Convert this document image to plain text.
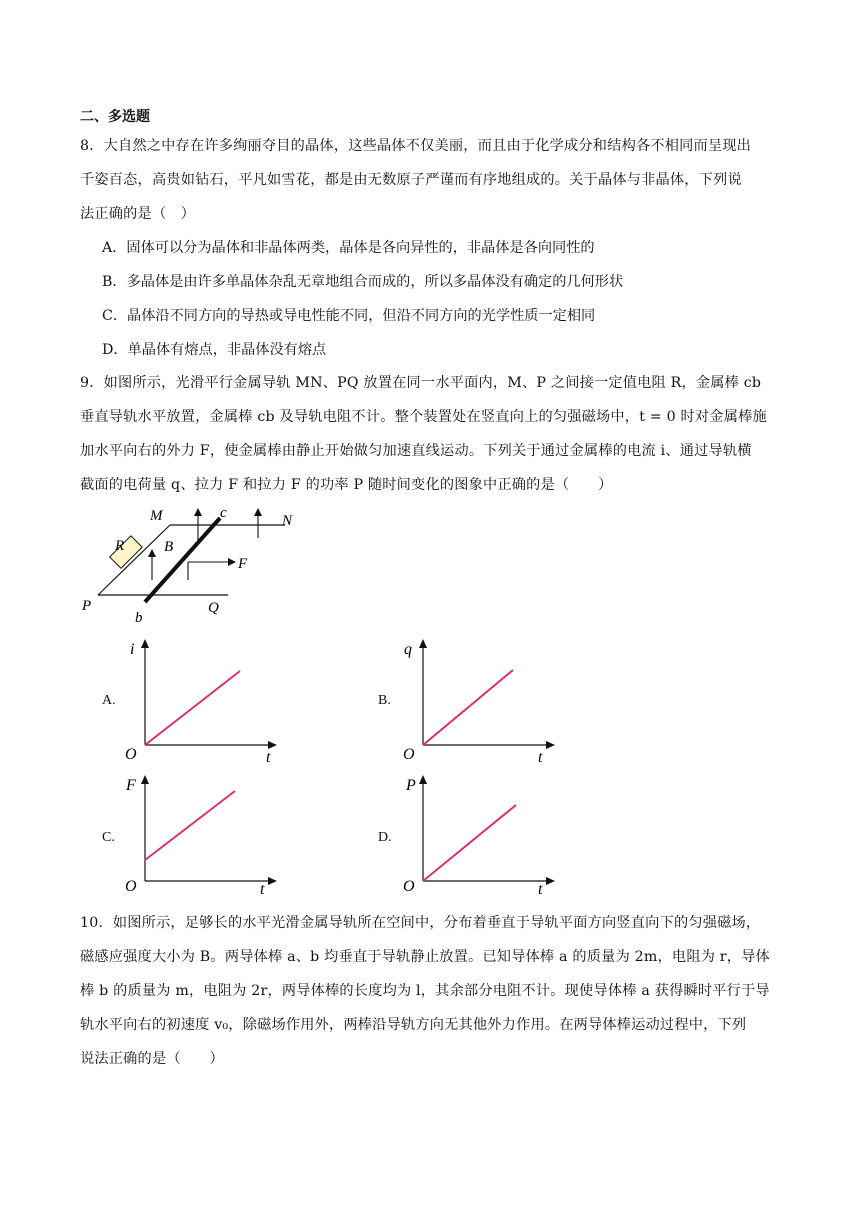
二、多选题
8．大自然之中存在许多绚丽夺目的晶体，这些晶体不仅美丽，而且由于化学成分和结构各不相同而呈现出
千姿百态，高贵如钻石，平凡如雪花，都是由无数原子严谨而有序地组成的。关于晶体与非晶体，下列说
法正确的是（　）
A．固体可以分为晶体和非晶体两类，晶体是各向异性的，非晶体是各向同性的
B．多晶体是由许多单晶体杂乱无章地组合而成的，所以多晶体没有确定的几何形状
C．晶体沿不同方向的导热或导电性能不同，但沿不同方向的光学性质一定相同
D．单晶体有熔点，非晶体没有熔点
9．如图所示，光滑平行金属导轨 MN、PQ 放置在同一水平面内，M、P 之间接一定值电阻 R，金属棒 cb
垂直导轨水平放置，金属棒 cb 及导轨电阻不计。整个装置处在竖直向上的匀强磁场中，t = 0 时对金属棒施
加水平向右的外力 F，使金属棒由静止开始做匀加速直线运动。下列关于通过金属棒的电流 i、通过导轨横
截面的电荷量 q、拉力 F 和拉力 F 的功率 P 随时间变化的图象中正确的是（　　）
M	N
P	Q
R	B
c
b
F
A.
i
t
O
B.
q
t
O
C.
F
t
O
D.
P
t
O
10．如图所示，足够长的水平光滑金属导轨所在空间中，分布着垂直于导轨平面方向竖直向下的匀强磁场，
磁感应强度大小为 B。两导体棒 a、b 均垂直于导轨静止放置。已知导体棒 a 的质量为 2m，电阻为 r，导体
棒 b 的质量为 m，电阻为 2r，两导体棒的长度均为 l，其余部分电阻不计。现使导体棒 a 获得瞬时平行于导
轨水平向右的初速度 v₀，除磁场作用外，两棒沿导轨方向无其他外力作用。在两导体棒运动过程中，下列
说法正确的是（　　）
